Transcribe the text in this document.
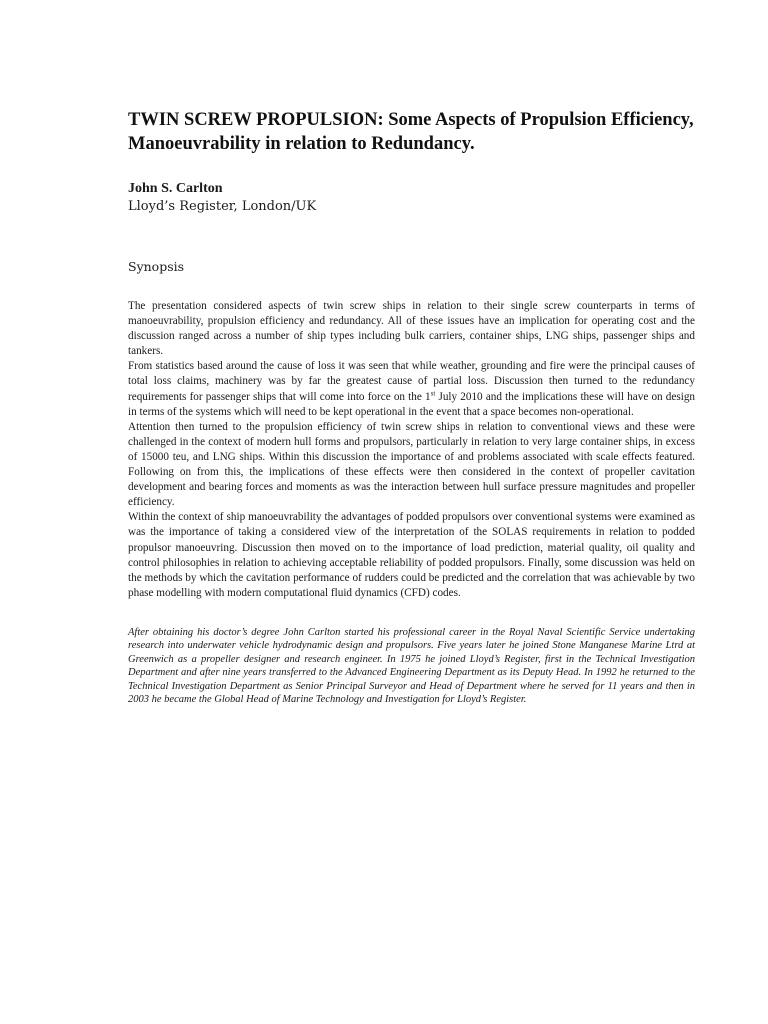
TWIN SCREW PROPULSION: Some Aspects of Propulsion Efficiency, Manoeuvrability in relation to Redundancy.
John S. Carlton
Lloyd’s Register, London/UK
Synopsis

The presentation considered aspects of twin screw ships in relation to their single screw counterparts in terms of manoeuvrability, propulsion efficiency and redundancy. All of these issues have an implication for operating cost and the discussion ranged across a number of ship types including bulk carriers, container ships, LNG ships, passenger ships and tankers.

From statistics based around the cause of loss it was seen that while weather, grounding and fire were the principal causes of total loss claims, machinery was by far the greatest cause of partial loss. Discussion then turned to the redundancy requirements for passenger ships that will come into force on the 1st July 2010 and the implications these will have on design in terms of the systems which will need to be kept operational in the event that a space becomes non-operational.

Attention then turned to the propulsion efficiency of twin screw ships in relation to conventional views and these were challenged in the context of modern hull forms and propulsors, particularly in relation to very large container ships, in excess of 15000 teu, and LNG ships. Within this discussion the importance of and problems associated with scale effects featured. Following on from this, the implications of these effects were then considered in the context of propeller cavitation development and bearing forces and moments as was the interaction between hull surface pressure magnitudes and propeller efficiency.

Within the context of ship manoeuvrability the advantages of podded propulsors over conventional systems were examined as was the importance of taking a considered view of the interpretation of the SOLAS requirements in relation to podded propulsor manoeuvring. Discussion then moved on to the importance of load prediction, material quality, oil quality and control philosophies in relation to achieving acceptable reliability of podded propulsors. Finally, some discussion was held on the methods by which the cavitation performance of rudders could be predicted and the correlation that was achievable by two phase modelling with modern computational fluid dynamics (CFD) codes.

After obtaining his doctor’s degree John Carlton started his professional career in the Royal Naval Scientific Service undertaking research into underwater vehicle hydrodynamic design and propulsors. Five years later he joined Stone Manganese Marine Ltrd at Greenwich as a propeller designer and research engineer. In 1975 he joined Lloyd’s Register, first in the Technical Investigation Department and after nine years transferred to the Advanced Engineering Department as its Deputy Head. In 1992 he returned to the Technical Investigation Department as Senior Principal Surveyor and Head of Department where he served for 11 years and then in 2003 he became the Global Head of Marine Technology and Investigation for Lloyd’s Register.
